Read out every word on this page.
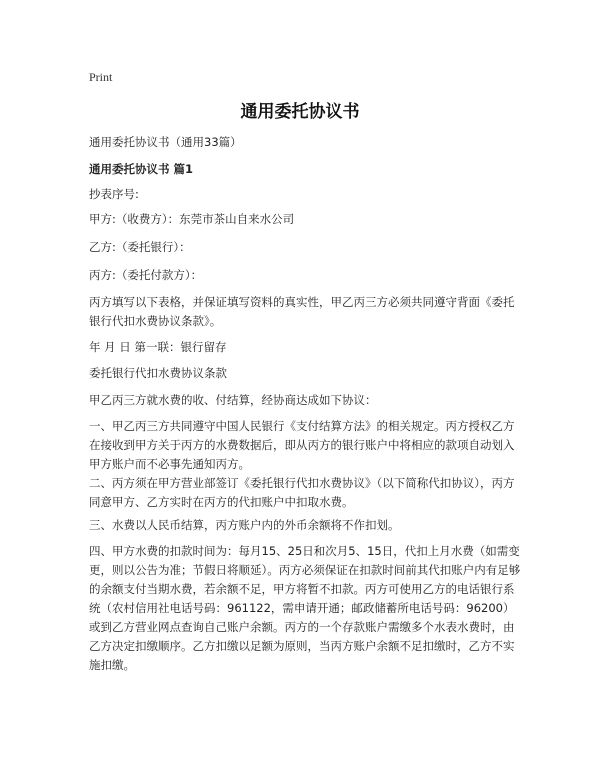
Print
通用委托协议书

通用委托协议书（通用33篇）

通用委托协议书 篇1

抄表序号:

甲方:（收费方）：东莞市茶山自来水公司

乙方:（委托银行）：

丙方:（委托付款方）：

丙方填写以下表格，并保证填写资料的真实性，甲乙丙三方必须共同遵守背面《委托银行代扣水费协议条款》。

年 月 日 第一联：银行留存

委托银行代扣水费协议条款

甲乙丙三方就水费的收、付结算，经协商达成如下协议：

一、甲乙丙三方共同遵守中国人民银行《支付结算方法》的相关规定。丙方授权乙方在接收到甲方关于丙方的水费数据后，即从丙方的银行账户中将相应的款项自动划入甲方账户而不必事先通知丙方。

二、丙方须在甲方营业部签订《委托银行代扣水费协议》（以下简称代扣协议），丙方同意甲方、乙方实时在丙方的代扣账户中扣取水费。

三、水费以人民币结算，丙方账户内的外币余额将不作扣划。

四、甲方水费的扣款时间为：每月15、25日和次月5、15日，代扣上月水费（如需变更，则以公告为准；节假日将顺延）。丙方必须保证在扣款时间前其代扣账户内有足够的余额支付当期水费，若余额不足，甲方将暂不扣款。丙方可使用乙方的电话银行系统（农村信用社电话号码：961122，需申请开通；邮政储蓄所电话号码：96200）或到乙方营业网点查询自己账户余额。丙方的一个存款账户需缴多个水表水费时，由乙方决定扣缴顺序。乙方扣缴以足额为原则，当丙方账户余额不足扣缴时，乙方不实施扣缴。
